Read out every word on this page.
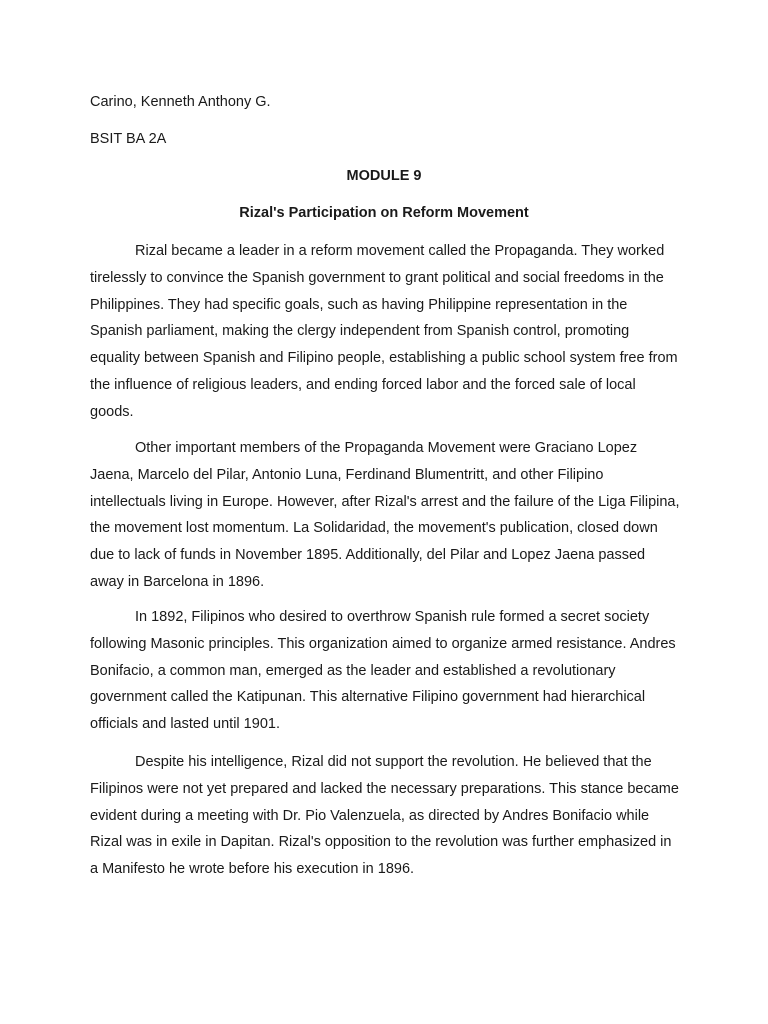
Carino, Kenneth Anthony G.
BSIT BA 2A
MODULE 9
Rizal's Participation on Reform Movement

Rizal became a leader in a reform movement called the Propaganda. They worked tirelessly to convince the Spanish government to grant political and social freedoms in the Philippines. They had specific goals, such as having Philippine representation in the Spanish parliament, making the clergy independent from Spanish control, promoting equality between Spanish and Filipino people, establishing a public school system free from the influence of religious leaders, and ending forced labor and the forced sale of local goods.

Other important members of the Propaganda Movement were Graciano Lopez Jaena, Marcelo del Pilar, Antonio Luna, Ferdinand Blumentritt, and other Filipino intellectuals living in Europe. However, after Rizal's arrest and the failure of the Liga Filipina, the movement lost momentum. La Solidaridad, the movement's publication, closed down due to lack of funds in November 1895. Additionally, del Pilar and Lopez Jaena passed away in Barcelona in 1896.

In 1892, Filipinos who desired to overthrow Spanish rule formed a secret society following Masonic principles. This organization aimed to organize armed resistance. Andres Bonifacio, a common man, emerged as the leader and established a revolutionary government called the Katipunan. This alternative Filipino government had hierarchical officials and lasted until 1901.

Despite his intelligence, Rizal did not support the revolution. He believed that the Filipinos were not yet prepared and lacked the necessary preparations. This stance became evident during a meeting with Dr. Pio Valenzuela, as directed by Andres Bonifacio while Rizal was in exile in Dapitan. Rizal's opposition to the revolution was further emphasized in a Manifesto he wrote before his execution in 1896.
